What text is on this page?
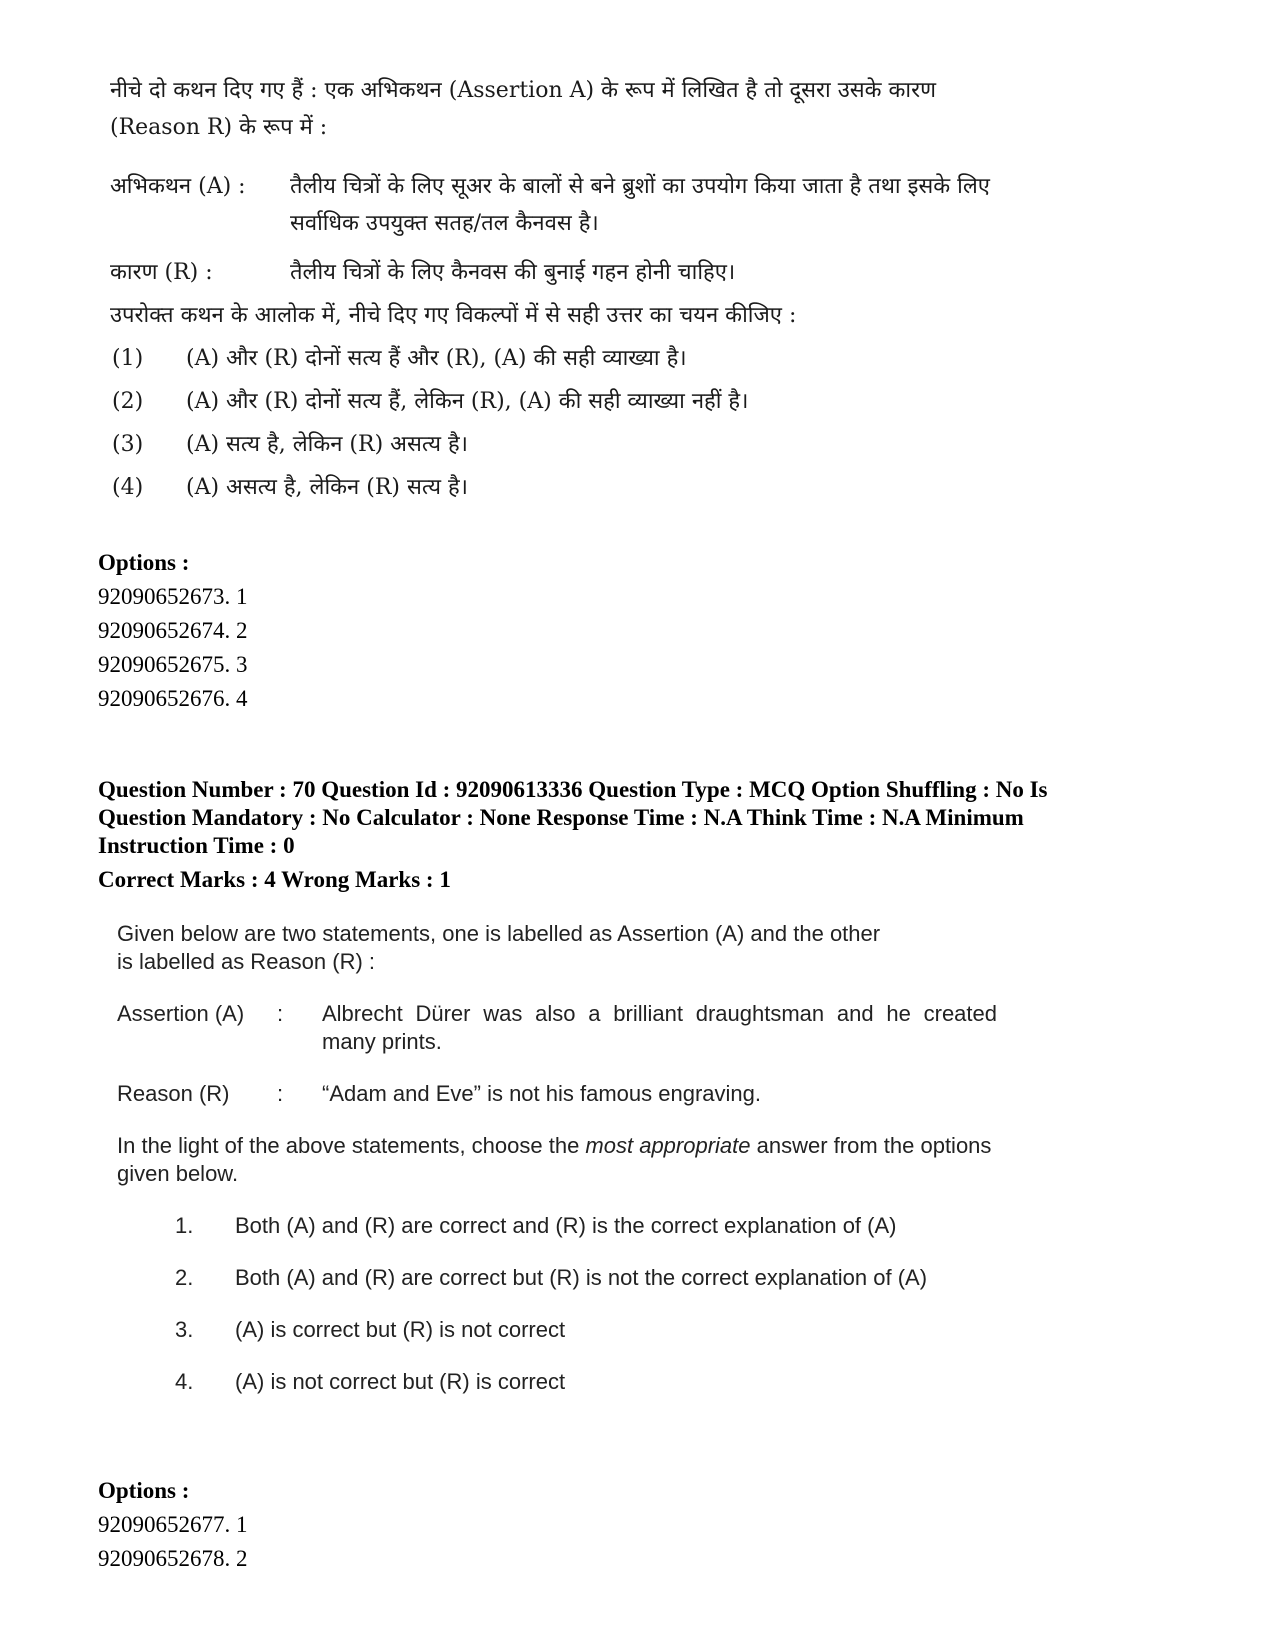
नीचे दो कथन दिए गए हैं : एक अभिकथन (Assertion A) के रूप में लिखित है तो दूसरा उसके कारण
(Reason R) के रूप में :

अभिकथन (A) : तैलीय चित्रों के लिए सूअर के बालों से बने ब्रुशों का उपयोग किया जाता है तथा इसके लिए सर्वाधिक उपयुक्त सतह/तल कैनवस है।
कारण (R) :	तैलीय चित्रों के लिए कैनवस की बुनाई गहन होनी चाहिए।
उपरोक्त कथन के आलोक में, नीचे दिए गए विकल्पों में से सही उत्तर का चयन कीजिए :
(1) (A) और (R) दोनों सत्य हैं और (R), (A) की सही व्याख्या है।
(2) (A) और (R) दोनों सत्य हैं, लेकिन (R), (A) की सही व्याख्या नहीं है।
(3) (A) सत्य है, लेकिन (R) असत्य है।
(4) (A) असत्य है, लेकिन (R) सत्य है।
Options :
92090652673. 1
92090652674. 2
92090652675. 3
92090652676. 4
Question Number : 70 Question Id : 92090613336 Question Type : MCQ Option Shuffling : No Is
Question Mandatory : No Calculator : None Response Time : N.A Think Time : N.A Minimum
Instruction Time : 0
Correct Marks : 4 Wrong Marks : 1

Given below are two statements, one is labelled as Assertion (A) and the other
is labelled as Reason (R) :

Assertion (A) : Albrecht Dürer was also a brilliant draughtsman and he created many prints.
Reason (R) : “Adam and Eve” is not his famous engraving.
In the light of the above statements, choose the most appropriate answer from the options given below.
1. Both (A) and (R) are correct and (R) is the correct explanation of (A)
2. Both (A) and (R) are correct but (R) is not the correct explanation of (A)
3. (A) is correct but (R) is not correct
4. (A) is not correct but (R) is correct
Options :
92090652677. 1
92090652678. 2
